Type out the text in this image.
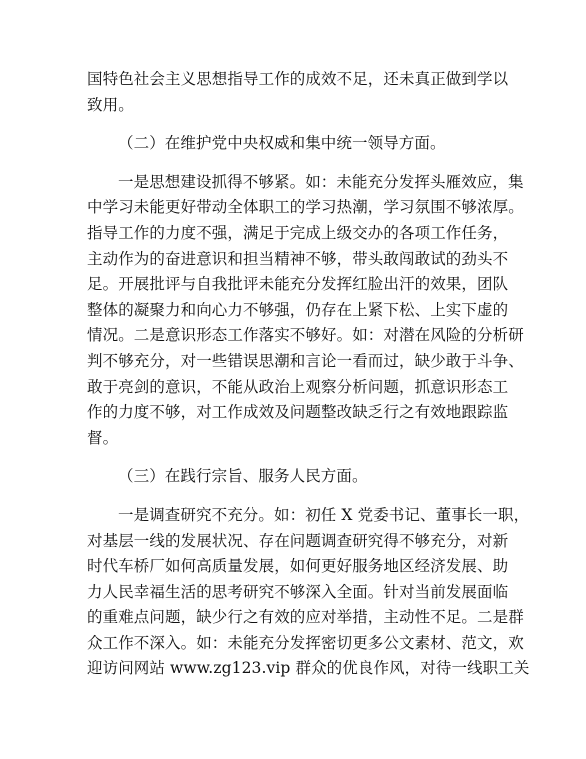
国特色社会主义思想指导工作的成效不足，还未真正做到学以
致用。
（二）在维护党中央权威和集中统一领导方面。
一是思想建设抓得不够紧。如：未能充分发挥头雁效应，集
中学习未能更好带动全体职工的学习热潮，学习氛围不够浓厚。
指导工作的力度不强，满足于完成上级交办的各项工作任务，
主动作为的奋进意识和担当精神不够，带头敢闯敢试的劲头不
足。开展批评与自我批评未能充分发挥红脸出汗的效果，团队
整体的凝聚力和向心力不够强，仍存在上紧下松、上实下虚的
情况。二是意识形态工作落实不够好。如：对潜在风险的分析研
判不够充分，对一些错误思潮和言论一看而过，缺少敢于斗争、
敢于亮剑的意识，不能从政治上观察分析问题，抓意识形态工
作的力度不够，对工作成效及问题整改缺乏行之有效地跟踪监
督。
（三）在践行宗旨、服务人民方面。
一是调查研究不充分。如：初任 X 党委书记、董事长一职，
对基层一线的发展状况、存在问题调查研究得不够充分，对新
时代车桥厂如何高质量发展，如何更好服务地区经济发展、助
力人民幸福生活的思考研究不够深入全面。针对当前发展面临
的重难点问题，缺少行之有效的应对举措，主动性不足。二是群
众工作不深入。如：未能充分发挥密切更多公文素材、范文，欢
迎访问网站 www.zg123.vip 群众的优良作风，对待一线职工关
